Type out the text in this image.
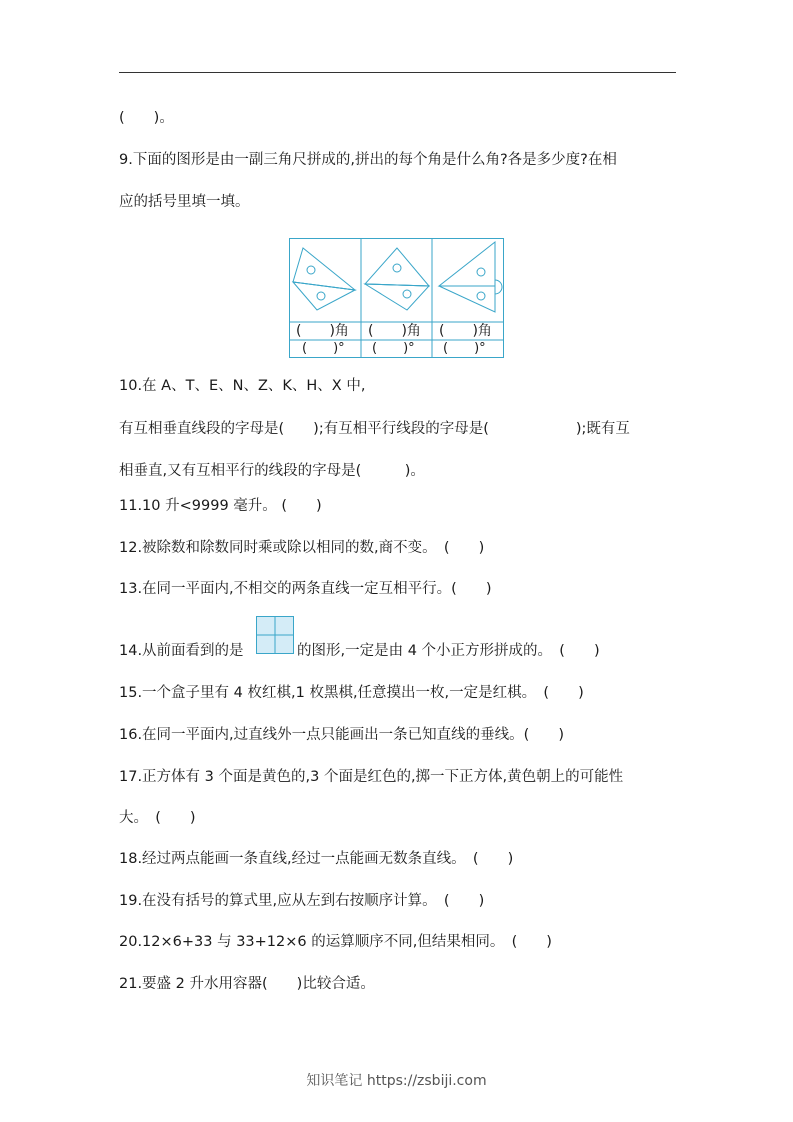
(　　)。
9.下面的图形是由一副三角尺拼成的,拼出的每个角是什么角?各是多少度?在相
应的括号里填一填。
(　　)角 (　　)角 (　　)角
(　　)° (　　)° (　　)°
10.在 A、T、E、N、Z、K、H、X 中,
有互相垂直线段的字母是(　　);有互相平行线段的字母是(　　　　　　);既有互
相垂直,又有互相平行的线段的字母是(　　　)。
11.10 升<9999 毫升。 (　　)
12.被除数和除数同时乘或除以相同的数,商不变。　(　　)
13.在同一平面内,不相交的两条直线一定互相平行。(　　)
14.从前面看到的是	的图形,一定是由 4 个小正方形拼成的。　(　　)
15.一个盒子里有 4 枚红棋,1 枚黑棋,任意摸出一枚,一定是红棋。　(　　)
16.在同一平面内,过直线外一点只能画出一条已知直线的垂线。(　　)
17.正方体有 3 个面是黄色的,3 个面是红色的,掷一下正方体,黄色朝上的可能性
大。　(　　)
18.经过两点能画一条直线,经过一点能画无数条直线。　(　　)
19.在没有括号的算式里,应从左到右按顺序计算。　(　　)
20.12×6+33 与 33+12×6 的运算顺序不同,但结果相同。　(　　)
21.要盛 2 升水用容器(　　)比较合适。
知识笔记 https://zsbiji.com
